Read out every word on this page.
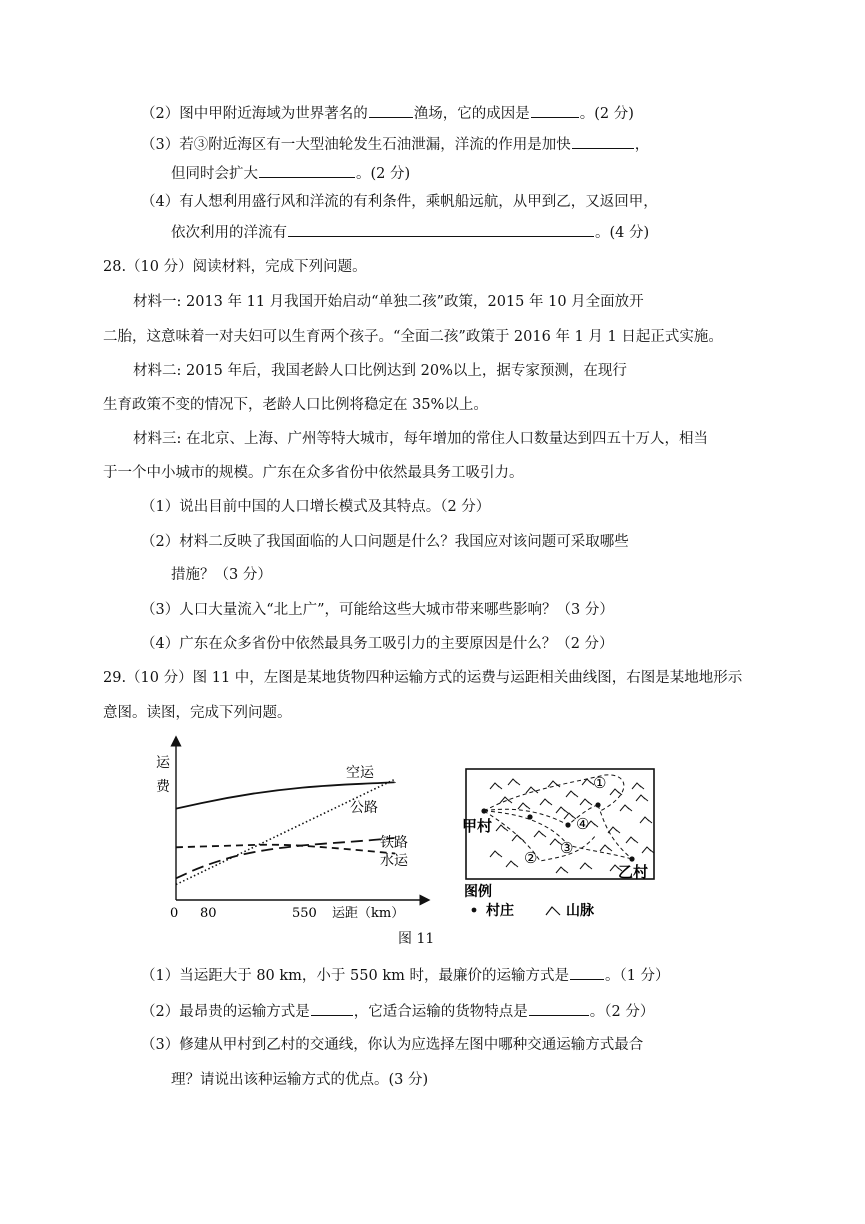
（2）图中甲附近海域为世界著名的	渔场，它的成因是	。(2 分)
（3）若③附近海区有一大型油轮发生石油泄漏，洋流的作用是加快	，
但同时会扩大	。(2 分)
（4）有人想利用盛行风和洋流的有利条件，乘帆船远航，从甲到乙，又返回甲，
依次利用的洋流有	。(4 分)
28.（10 分）阅读材料，完成下列问题。
材料一: 2013 年 11 月我国开始启动“单独二孩”政策，2015 年 10 月全面放开
二胎，这意味着一对夫妇可以生育两个孩子。“全面二孩”政策于 2016 年 1 月 1 日起正式实施。
材料二: 2015 年后，我国老龄人口比例达到 20%以上，据专家预测，在现行
生育政策不变的情况下，老龄人口比例将稳定在 35%以上。
材料三: 在北京、上海、广州等特大城市，每年增加的常住人口数量达到四五十万人，相当
于一个中小城市的规模。广东在众多省份中依然最具务工吸引力。
（1）说出目前中国的人口增长模式及其特点。（2 分）
（2）材料二反映了我国面临的人口问题是什么？我国应对该问题可采取哪些
措施？（3 分）
（3）人口大量流入“北上广”，可能给这些大城市带来哪些影响？（3 分）
（4）广东在众多省份中依然最具务工吸引力的主要原因是什么？（2 分）
29.（10 分）图 11 中，左图是某地货物四种运输方式的运费与运距相关曲线图，右图是某地地形示
意图。读图，完成下列问题。
运
费
0 80	550 运距（km）
空运
公路
铁路
水运
①
②
③
④
甲村
乙村
图例
村庄	山脉
图 11
（1）当运距大于 80 km，小于 550 km 时，最廉价的运输方式是 。（1 分）
（2）最昂贵的运输方式是	，它适合运输的货物特点是	。（2 分）
（3）修建从甲村到乙村的交通线，你认为应选择左图中哪种交通运输方式最合
理？请说出该种运输方式的优点。(3 分)
